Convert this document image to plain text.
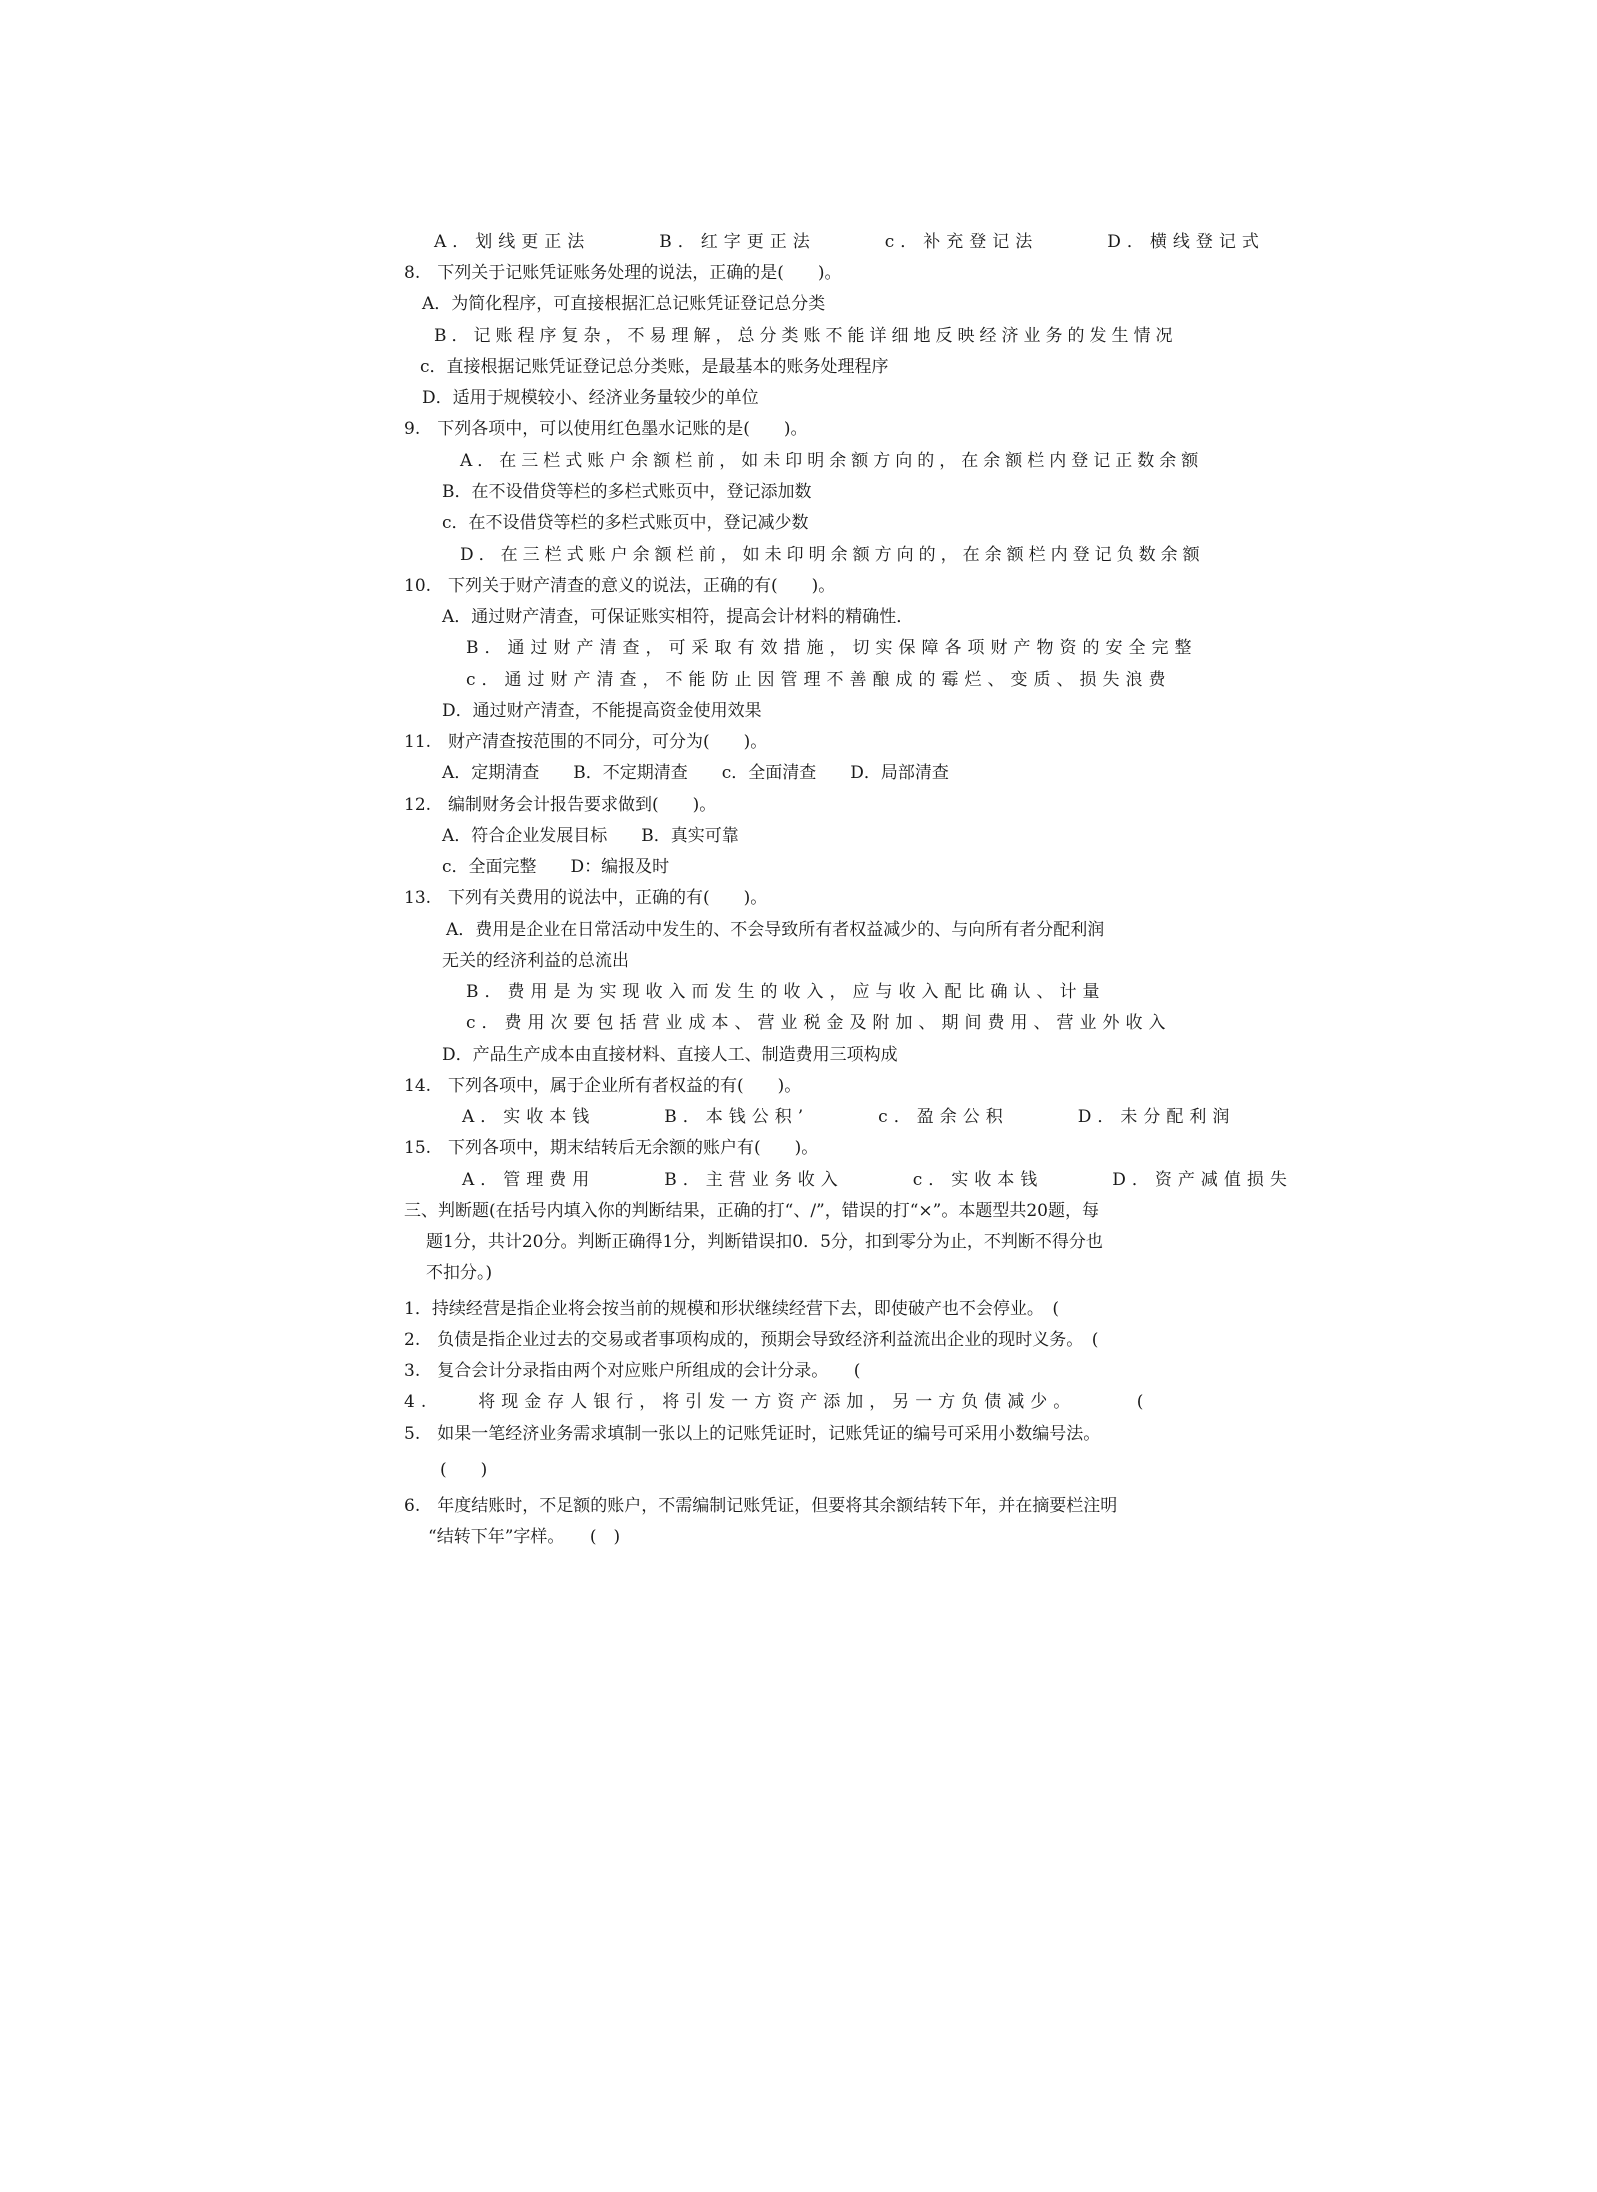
A．划线更正法　　　B．红字更正法　　　c．补充登记法　　　D．横线登记式
8.　下列关于记账凭证账务处理的说法，正确的是(　　)。
A．为简化程序，可直接根据汇总记账凭证登记总分类
B．记账程序复杂，不易理解，总分类账不能详细地反映经济业务的发生情况
c．直接根据记账凭证登记总分类账，是最基本的账务处理程序
D．适用于规模较小、经济业务量较少的单位
9.　下列各项中，可以使用红色墨水记账的是(　　)。
A．在三栏式账户余额栏前，如未印明余额方向的，在余额栏内登记正数余额
B．在不设借贷等栏的多栏式账页中，登记添加数
c．在不设借贷等栏的多栏式账页中，登记减少数
D．在三栏式账户余额栏前，如未印明余额方向的，在余额栏内登记负数余额
10.　下列关于财产清查的意义的说法，正确的有(　　)。
A．通过财产清查，可保证账实相符，提高会计材料的精确性．
B．通过财产清查，可采取有效措施，切实保障各项财产物资的安全完整
c．通过财产清查，不能防止因管理不善酿成的霉烂、变质、损失浪费
D．通过财产清查，不能提高资金使用效果
11.　财产清查按范围的不同分，可分为(　　)。
A．定期清查　　B．不定期清查　　c．全面清查　　D．局部清查
12.　编制财务会计报告要求做到(　　)。
A．符合企业发展目标　　B．真实可靠
c．全面完整　　D：编报及时
13.　下列有关费用的说法中，正确的有(　　)。
A．费用是企业在日常活动中发生的、不会导致所有者权益减少的、与向所有者分配利润
无关的经济利益的总流出
B．费用是为实现收入而发生的收入，应与收入配比确认、计量
c．费用次要包括营业成本、营业税金及附加、期间费用、营业外收入
D．产品生产成本由直接材料、直接人工、制造费用三项构成
14.　下列各项中，属于企业所有者权益的有(　　)。
A．实收本钱　　　B．本钱公积’　　　c．盈余公积　　　D．未分配利润
15.　下列各项中，期末结转后无余额的账户有(　　)。
A．管理费用　　　B．主营业务收入　　　c．实收本钱　　　D．资产减值损失
三、判断题(在括号内填入你的判断结果，正确的打“、/”，错误的打“×”。本题型共20题，每
题1分，共计20分。判断正确得1分，判断错误扣0．5分，扣到零分为止，不判断不得分也
不扣分。)
1．持续经营是指企业将会按当前的规模和形状继续经营下去，即使破产也不会停业。　(
2.　负债是指企业过去的交易或者事项构成的，预期会导致经济利益流出企业的现时义务。　(
3.　复合会计分录指由两个对应账户所组成的会计分录。　　(
4.　　将现金存人银行，将引发一方资产添加，另一方负债减少。　　　(
5.　如果一笔经济业务需求填制一张以上的记账凭证时，记账凭证的编号可采用小数编号法。
(　　)
6.　年度结账时，不足额的账户，不需编制记账凭证，但要将其余额结转下年，并在摘要栏注明
“结转下年”字样。　　(　)
